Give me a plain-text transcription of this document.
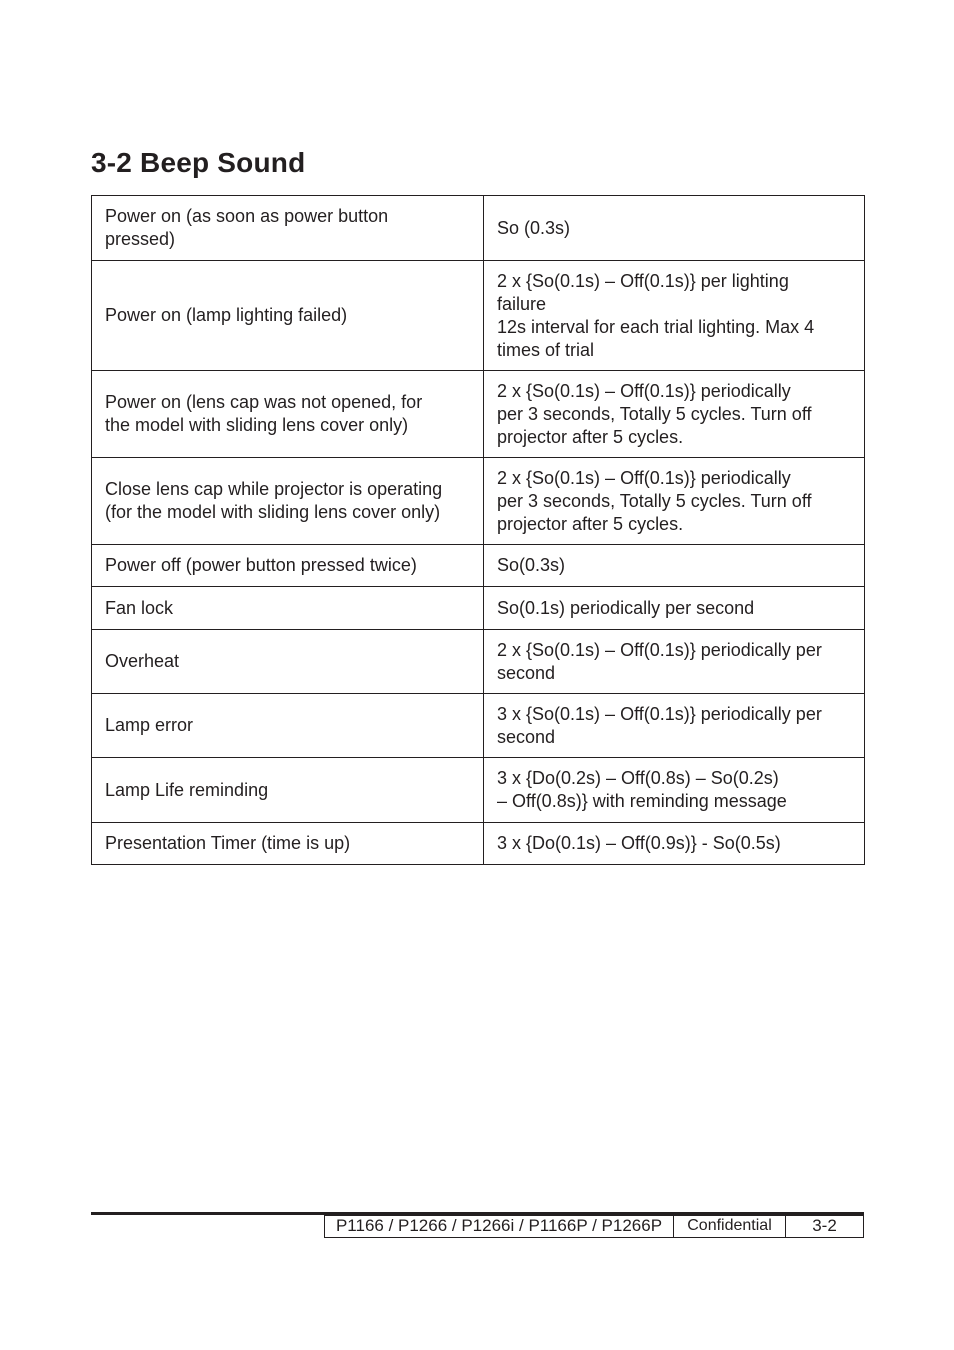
3-2 Beep Sound
Power on (as soon as power button
pressed)	So (0.3s)
Power on (lamp lighting failed)	2 x {So(0.1s) – Off(0.1s)} per lighting
failure
12s interval for each trial lighting. Max 4
times of trial
Power on (lens cap was not opened, for
the model with sliding lens cover only)	2 x {So(0.1s) – Off(0.1s)} periodically
per 3 seconds, Totally 5 cycles. Turn off
projector after 5 cycles.
Close lens cap while projector is operating
(for the model with sliding lens cover only)	2 x {So(0.1s) – Off(0.1s)} periodically
per 3 seconds, Totally 5 cycles. Turn off
projector after 5 cycles.
Power off (power button pressed twice)	So(0.3s)
Fan lock	So(0.1s) periodically per second
Overheat	2 x {So(0.1s) – Off(0.1s)} periodically per
second
Lamp error	3 x {So(0.1s) – Off(0.1s)} periodically per
second
Lamp Life reminding	3 x {Do(0.2s) – Off(0.8s) – So(0.2s)
– Off(0.8s)} with reminding message
Presentation Timer (time is up)	3 x {Do(0.1s) – Off(0.9s)} - So(0.5s)
P1166 / P1266 / P1266i / P1166P / P1266P	Confidential	3-2
